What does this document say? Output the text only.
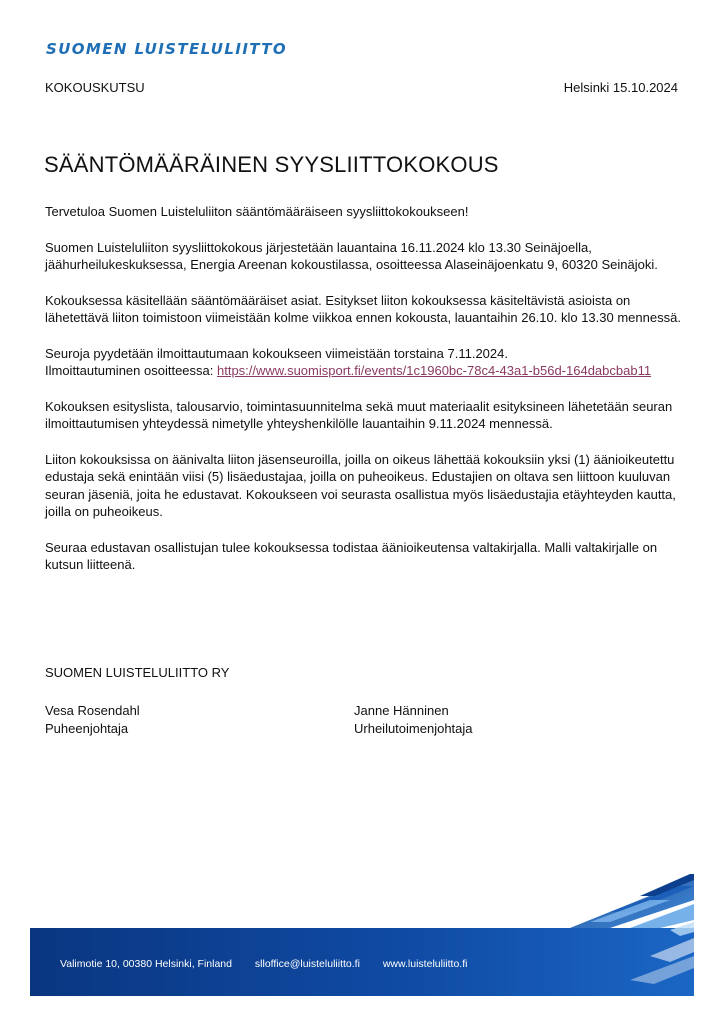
SUOMEN LUISTELULIITTO
KOKOUSKUTSU	Helsinki 15.10.2024
SÄÄNTÖMÄÄRÄINEN SYYSLIITTOKOKOUS

Tervetuloa Suomen Luisteluliiton sääntömääräiseen syysliittokokoukseen!

Suomen Luisteluliiton syysliittokokous järjestetään lauantaina 16.11.2024 klo 13.30 Seinäjoella, jäähurheilukeskuksessa, Energia Areenan kokoustilassa, osoitteessa Alaseinäjoenkatu 9, 60320 Seinäjoki.

Kokouksessa käsitellään sääntömääräiset asiat. Esitykset liiton kokouksessa käsiteltävistä asioista on lähetettävä liiton toimistoon viimeistään kolme viikkoa ennen kokousta, lauantaihin 26.10. klo 13.30 mennessä.

Seuroja pyydetään ilmoittautumaan kokoukseen viimeistään torstaina 7.11.2024.
Ilmoittautuminen osoitteessa: https://www.suomisport.fi/events/1c1960bc-78c4-43a1-b56d-164dabcbab11

Kokouksen esityslista, talousarvio, toimintasuunnitelma sekä muut materiaalit esityksineen lähetetään seuran ilmoittautumisen yhteydessä nimetylle yhteyshenkilölle lauantaihin 9.11.2024 mennessä.

Liiton kokouksissa on äänivalta liiton jäsenseuroilla, joilla on oikeus lähettää kokouksiin yksi (1) äänioikeutettu edustaja sekä enintään viisi (5) lisäedustajaa, joilla on puheoikeus. Edustajien on oltava sen liittoon kuuluvan seuran jäseniä, joita he edustavat. Kokoukseen voi seurasta osallistua myös lisäedustajia etäyhteyden kautta, joilla on puheoikeus.

Seuraa edustavan osallistujan tulee kokouksessa todistaa äänioikeutensa valtakirjalla. Malli valtakirjalle on kutsun liitteenä.

SUOMEN LUISTELULIITTO RY
Vesa Rosendahl
Puheenjohtaja
Janne Hänninen
Urheilutoimenjohtaja
Valimotie 10, 00380 Helsinki, Finland slloffice@luisteluliitto.fi www.luisteluliitto.fi
